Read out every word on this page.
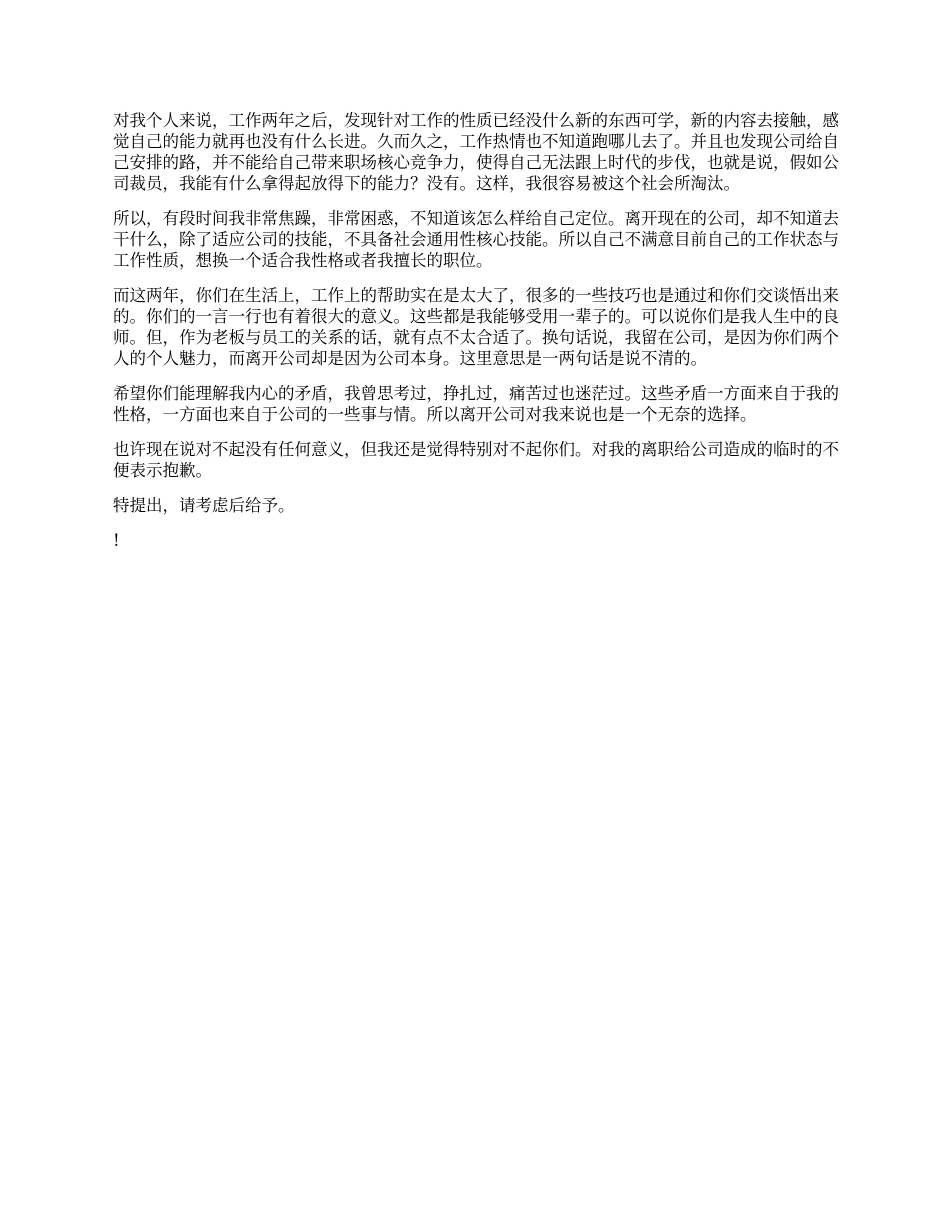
对我个人来说，工作两年之后，发现针对工作的性质已经没什么新的东西可学，新的内容去接触，感觉自己的能力就再也没有什么长进。久而久之，工作热情也不知道跑哪儿去了。并且也发现公司给自己安排的路，并不能给自己带来职场核心竞争力，使得自己无法跟上时代的步伐，也就是说，假如公司裁员，我能有什么拿得起放得下的能力？没有。这样，我很容易被这个社会所淘汰。

所以，有段时间我非常焦躁，非常困惑，不知道该怎么样给自己定位。离开现在的公司，却不知道去干什么，除了适应公司的技能，不具备社会通用性核心技能。所以自己不满意目前自己的工作状态与工作性质，想换一个适合我性格或者我擅长的职位。

而这两年，你们在生活上，工作上的帮助实在是太大了，很多的一些技巧也是通过和你们交谈悟出来的。你们的一言一行也有着很大的意义。这些都是我能够受用一辈子的。可以说你们是我人生中的良师。但，作为老板与员工的关系的话，就有点不太合适了。换句话说，我留在公司，是因为你们两个人的个人魅力，而离开公司却是因为公司本身。这里意思是一两句话是说不清的。

希望你们能理解我内心的矛盾，我曾思考过，挣扎过，痛苦过也迷茫过。这些矛盾一方面来自于我的性格，一方面也来自于公司的一些事与情。所以离开公司对我来说也是一个无奈的选择。

也许现在说对不起没有任何意义，但我还是觉得特别对不起你们。对我的离职给公司造成的临时的不便表示抱歉。

特提出，请考虑后给予。

!
